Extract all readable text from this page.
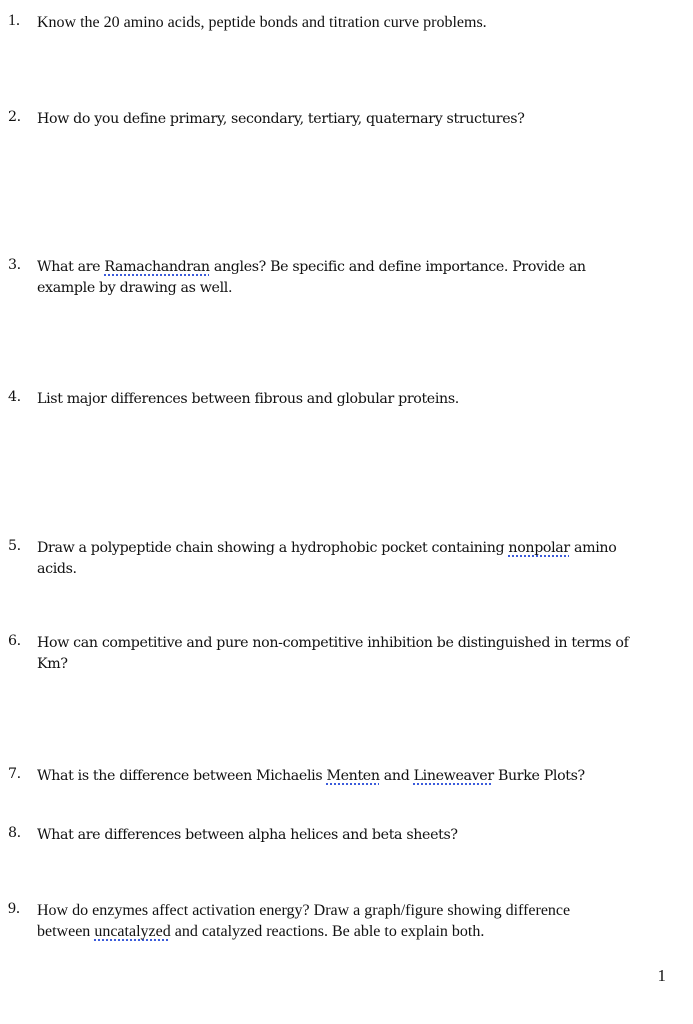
1.	Know the 20 amino acids, peptide bonds and titration curve problems.
2.	How do you define primary, secondary, tertiary, quaternary structures?
3.	What are Ramachandran angles? Be specific and define importance. Provide an
example by drawing as well.
4.	List major differences between fibrous and globular proteins.
5.	Draw a polypeptide chain showing a hydrophobic pocket containing nonpolar amino
acids.
6.	How can competitive and pure non-competitive inhibition be distinguished in terms of
Km?
7.	What is the difference between Michaelis Menten and Lineweaver Burke Plots?
8.	What are differences between alpha helices and beta sheets?
9.	How do enzymes affect activation energy? Draw a graph/figure showing difference
between uncatalyzed and catalyzed reactions. Be able to explain both.
1
